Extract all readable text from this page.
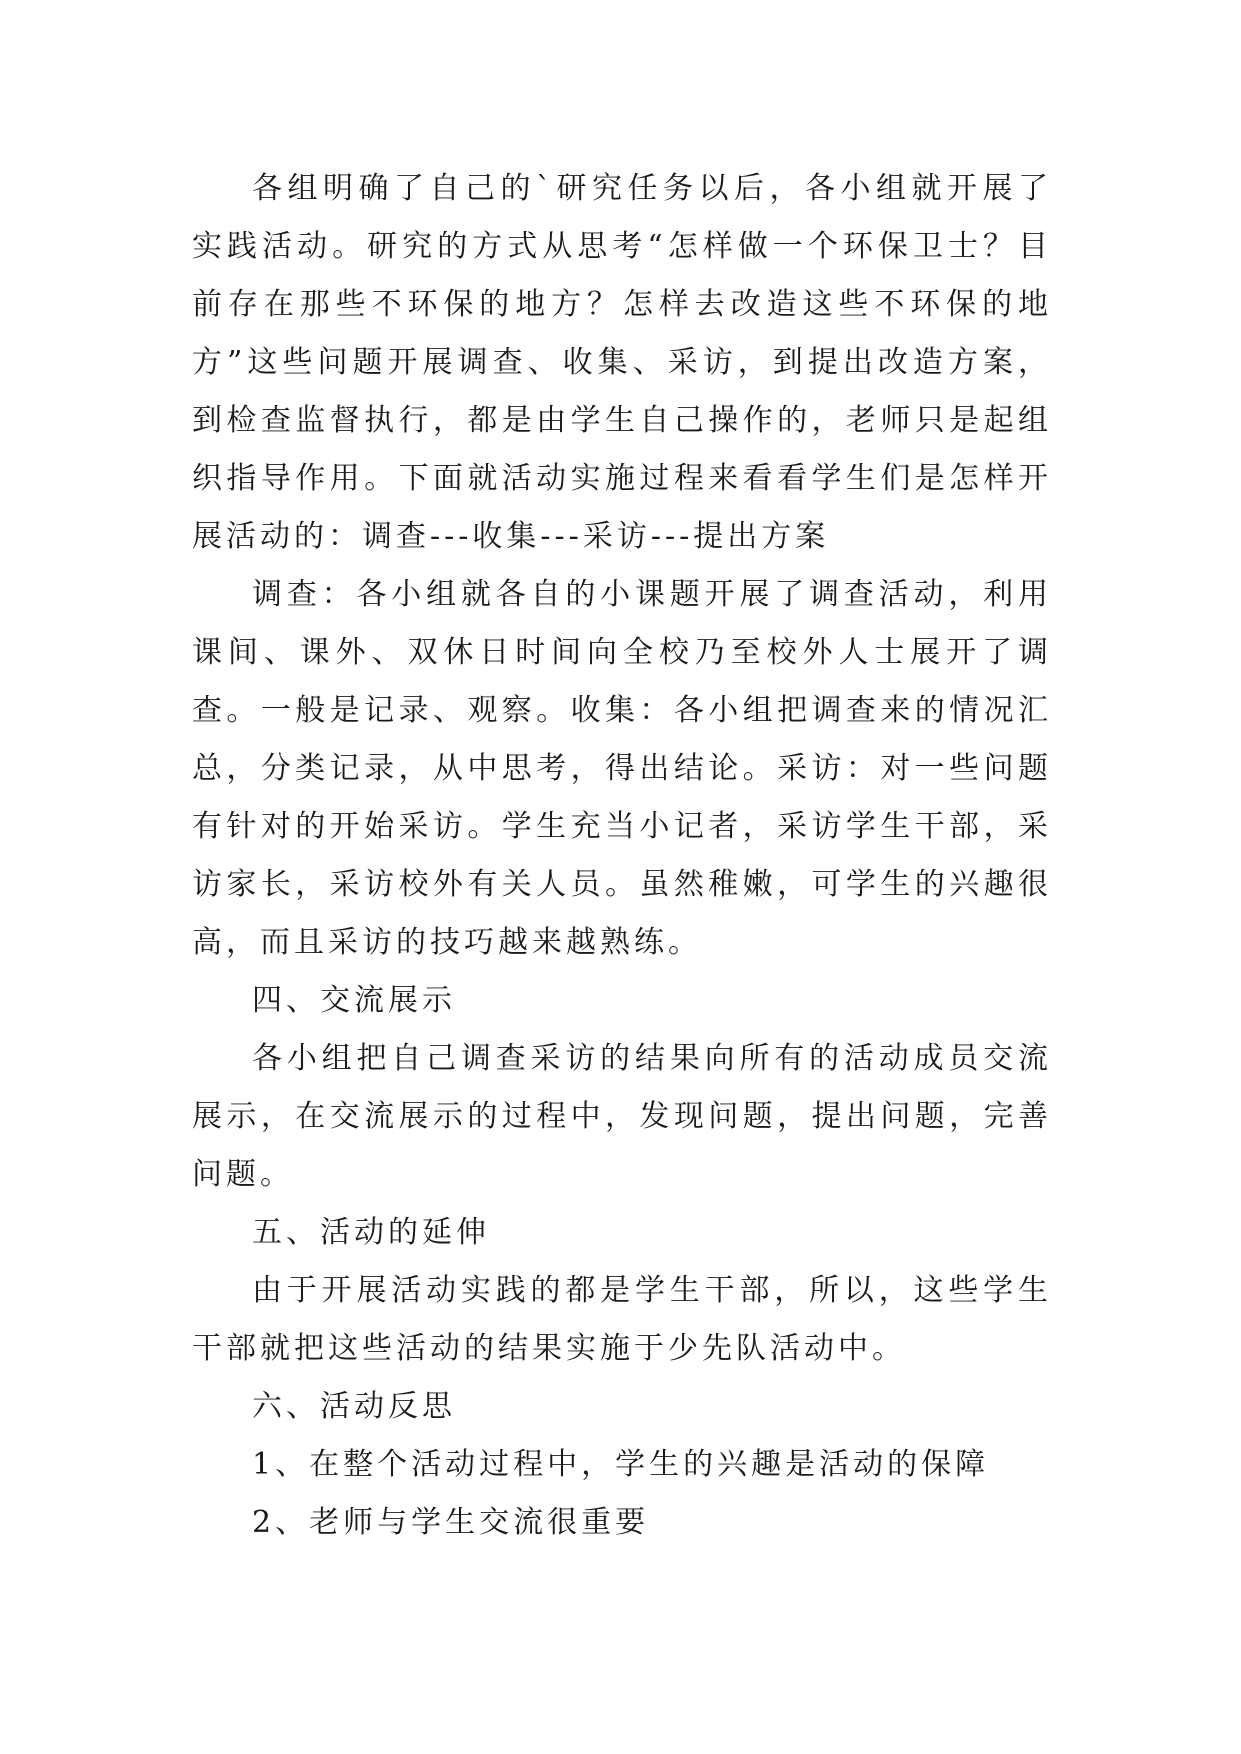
各组明确了自己的`研究任务以后，各小组就开展了实践活动。研究的方式从思考“怎样做一个环保卫士？目前存在那些不环保的地方？怎样去改造这些不环保的地方”这些问题开展调查、收集、采访，到提出改造方案，到检查监督执行，都是由学生自己操作的，老师只是起组织指导作用。下面就活动实施过程来看看学生们是怎样开展活动的：调查---收集---采访---提出方案

调查：各小组就各自的小课题开展了调查活动，利用课间、课外、双休日时间向全校乃至校外人士展开了调查。一般是记录、观察。收集：各小组把调查来的情况汇总，分类记录，从中思考，得出结论。采访：对一些问题有针对的开始采访。学生充当小记者，采访学生干部，采访家长，采访校外有关人员。虽然稚嫩，可学生的兴趣很高，而且采访的技巧越来越熟练。

四、交流展示

各小组把自己调查采访的结果向所有的活动成员交流展示，在交流展示的过程中，发现问题，提出问题，完善问题。

五、活动的延伸

由于开展活动实践的都是学生干部，所以，这些学生干部就把这些活动的结果实施于少先队活动中。

六、活动反思

1、在整个活动过程中，学生的兴趣是活动的保障

2、老师与学生交流很重要
